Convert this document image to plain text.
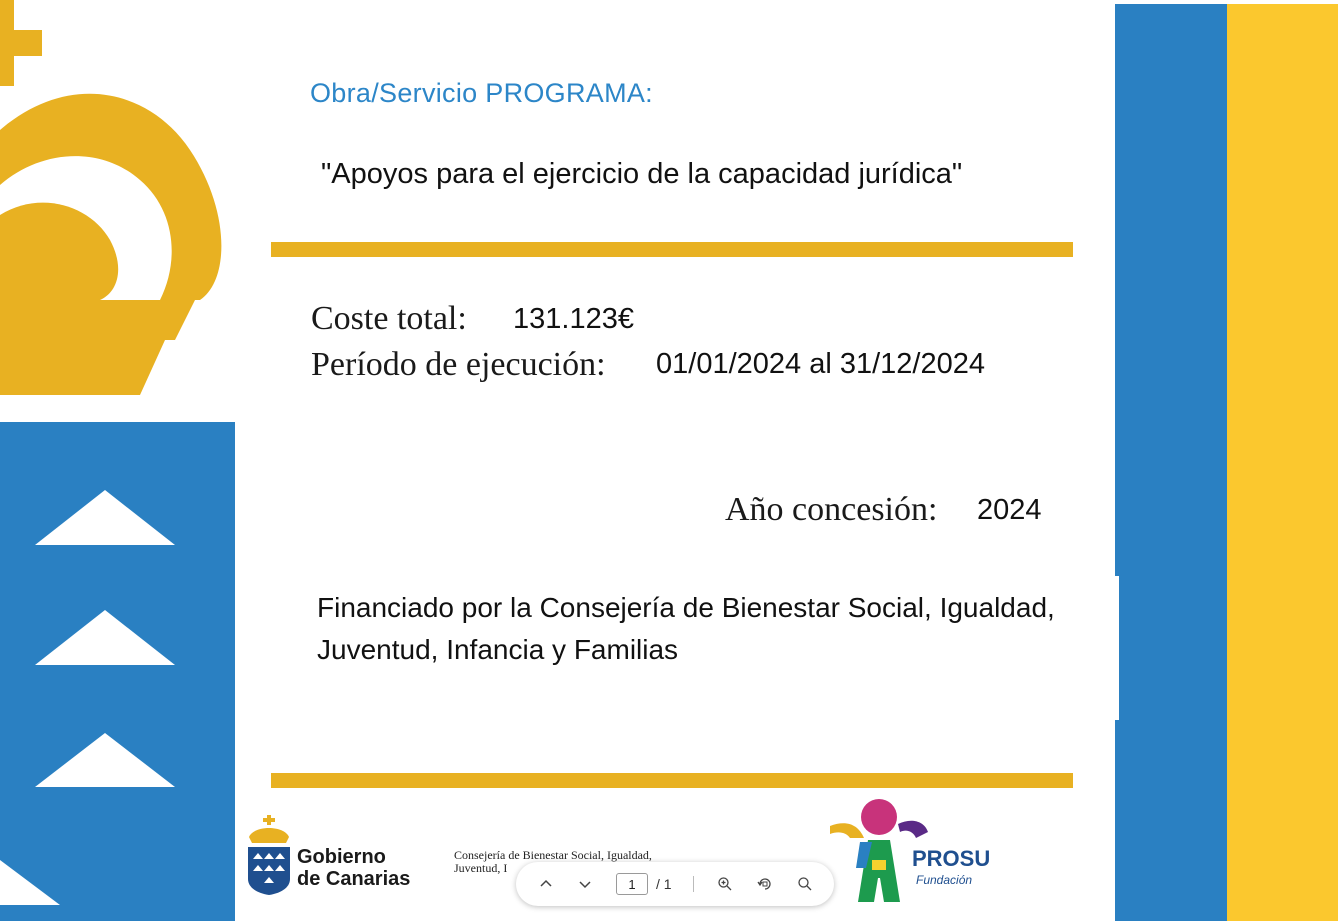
Obra/Servicio PROGRAMA:
"Apoyos para el ejercicio de la capacidad jurídica"
Coste total: 131.123€
Período de ejecución: 01/01/2024 al 31/12/2024
Año concesión: 2024
Financiado por la Consejería de Bienestar Social, Igualdad, Juventud, Infancia y Familias
Gobierno
de Canarias
Consejería de Bienestar Social, Igualdad,
Juventud, I	PROSU
Fundación
1	/ 1
